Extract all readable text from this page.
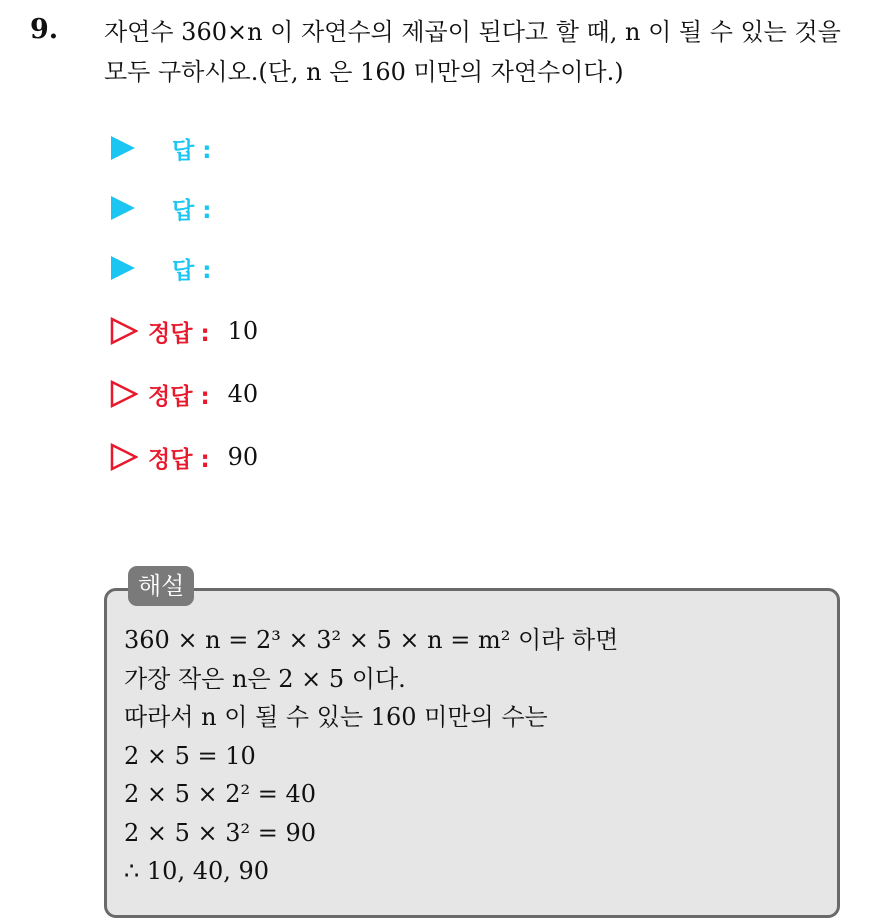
9. 자연수 360×n 이 자연수의 제곱이 된다고 할 때, n 이 될 수 있는 것을
모두 구하시오.(단, n 은 160 미만의 자연수이다.)
답 :
답 :
답 :
정답 : 10
정답 : 40
정답 : 90
해설
360 × n = 2³ × 3² × 5 × n = m² 이라 하면
가장 작은 n은 2 × 5 이다.
따라서 n 이 될 수 있는 160 미만의 수는
2 × 5 = 10
2 × 5 × 2² = 40
2 × 5 × 3² = 90
∴ 10, 40, 90
